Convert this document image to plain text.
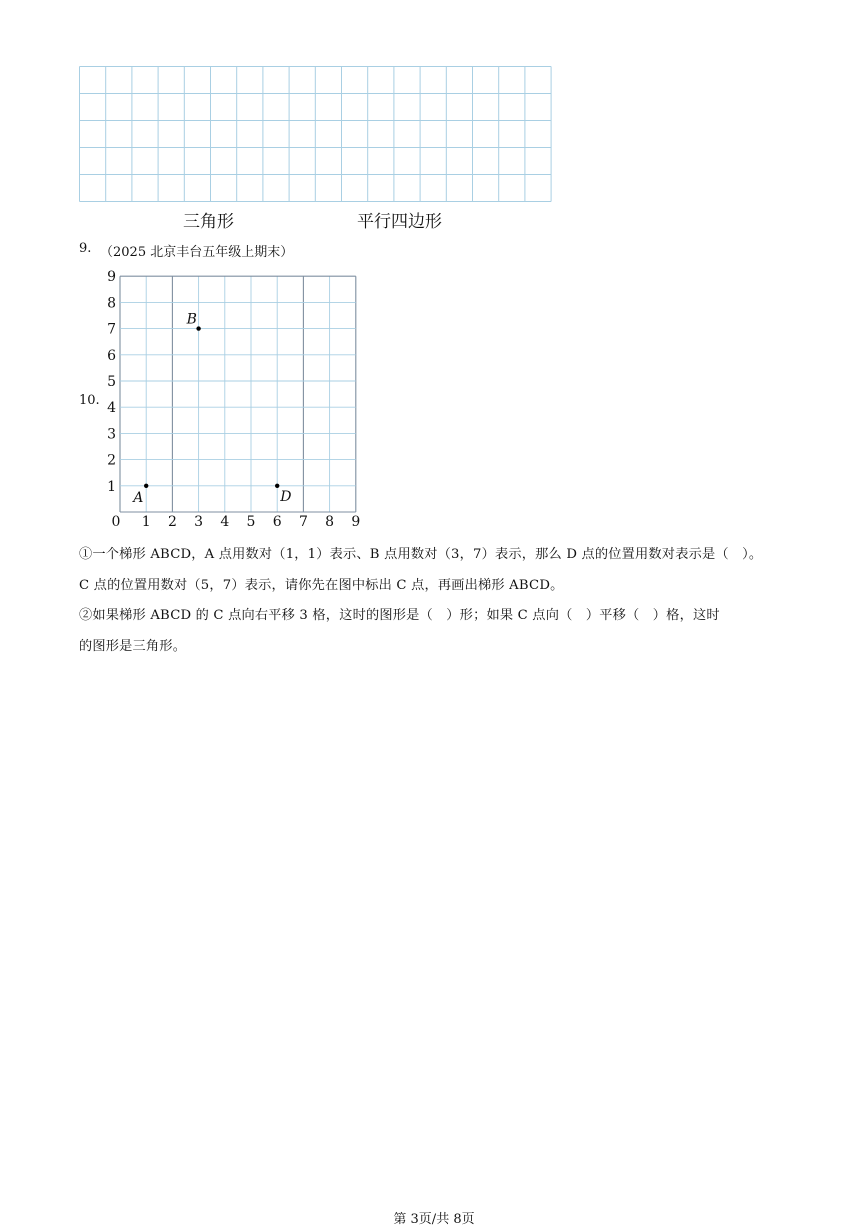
三角形	平行四边形
9. （2025 北京丰台五年级上期末）
10.
0 1 2 3 4 5 6 7 8 9
1
2
3
4
5
6
7
8
9
A
B
D
①一个梯形 ABCD，A 点用数对（1，1）表示、B 点用数对（3，7）表示，那么 D 点的位置用数对表示是（　）。
C 点的位置用数对（5，7）表示，请你先在图中标出 C 点，再画出梯形 ABCD。
②如果梯形 ABCD 的 C 点向右平移 3 格，这时的图形是（　）形；如果 C 点向（　）平移（　）格，这时
的图形是三角形。
第 3页/共 8页
